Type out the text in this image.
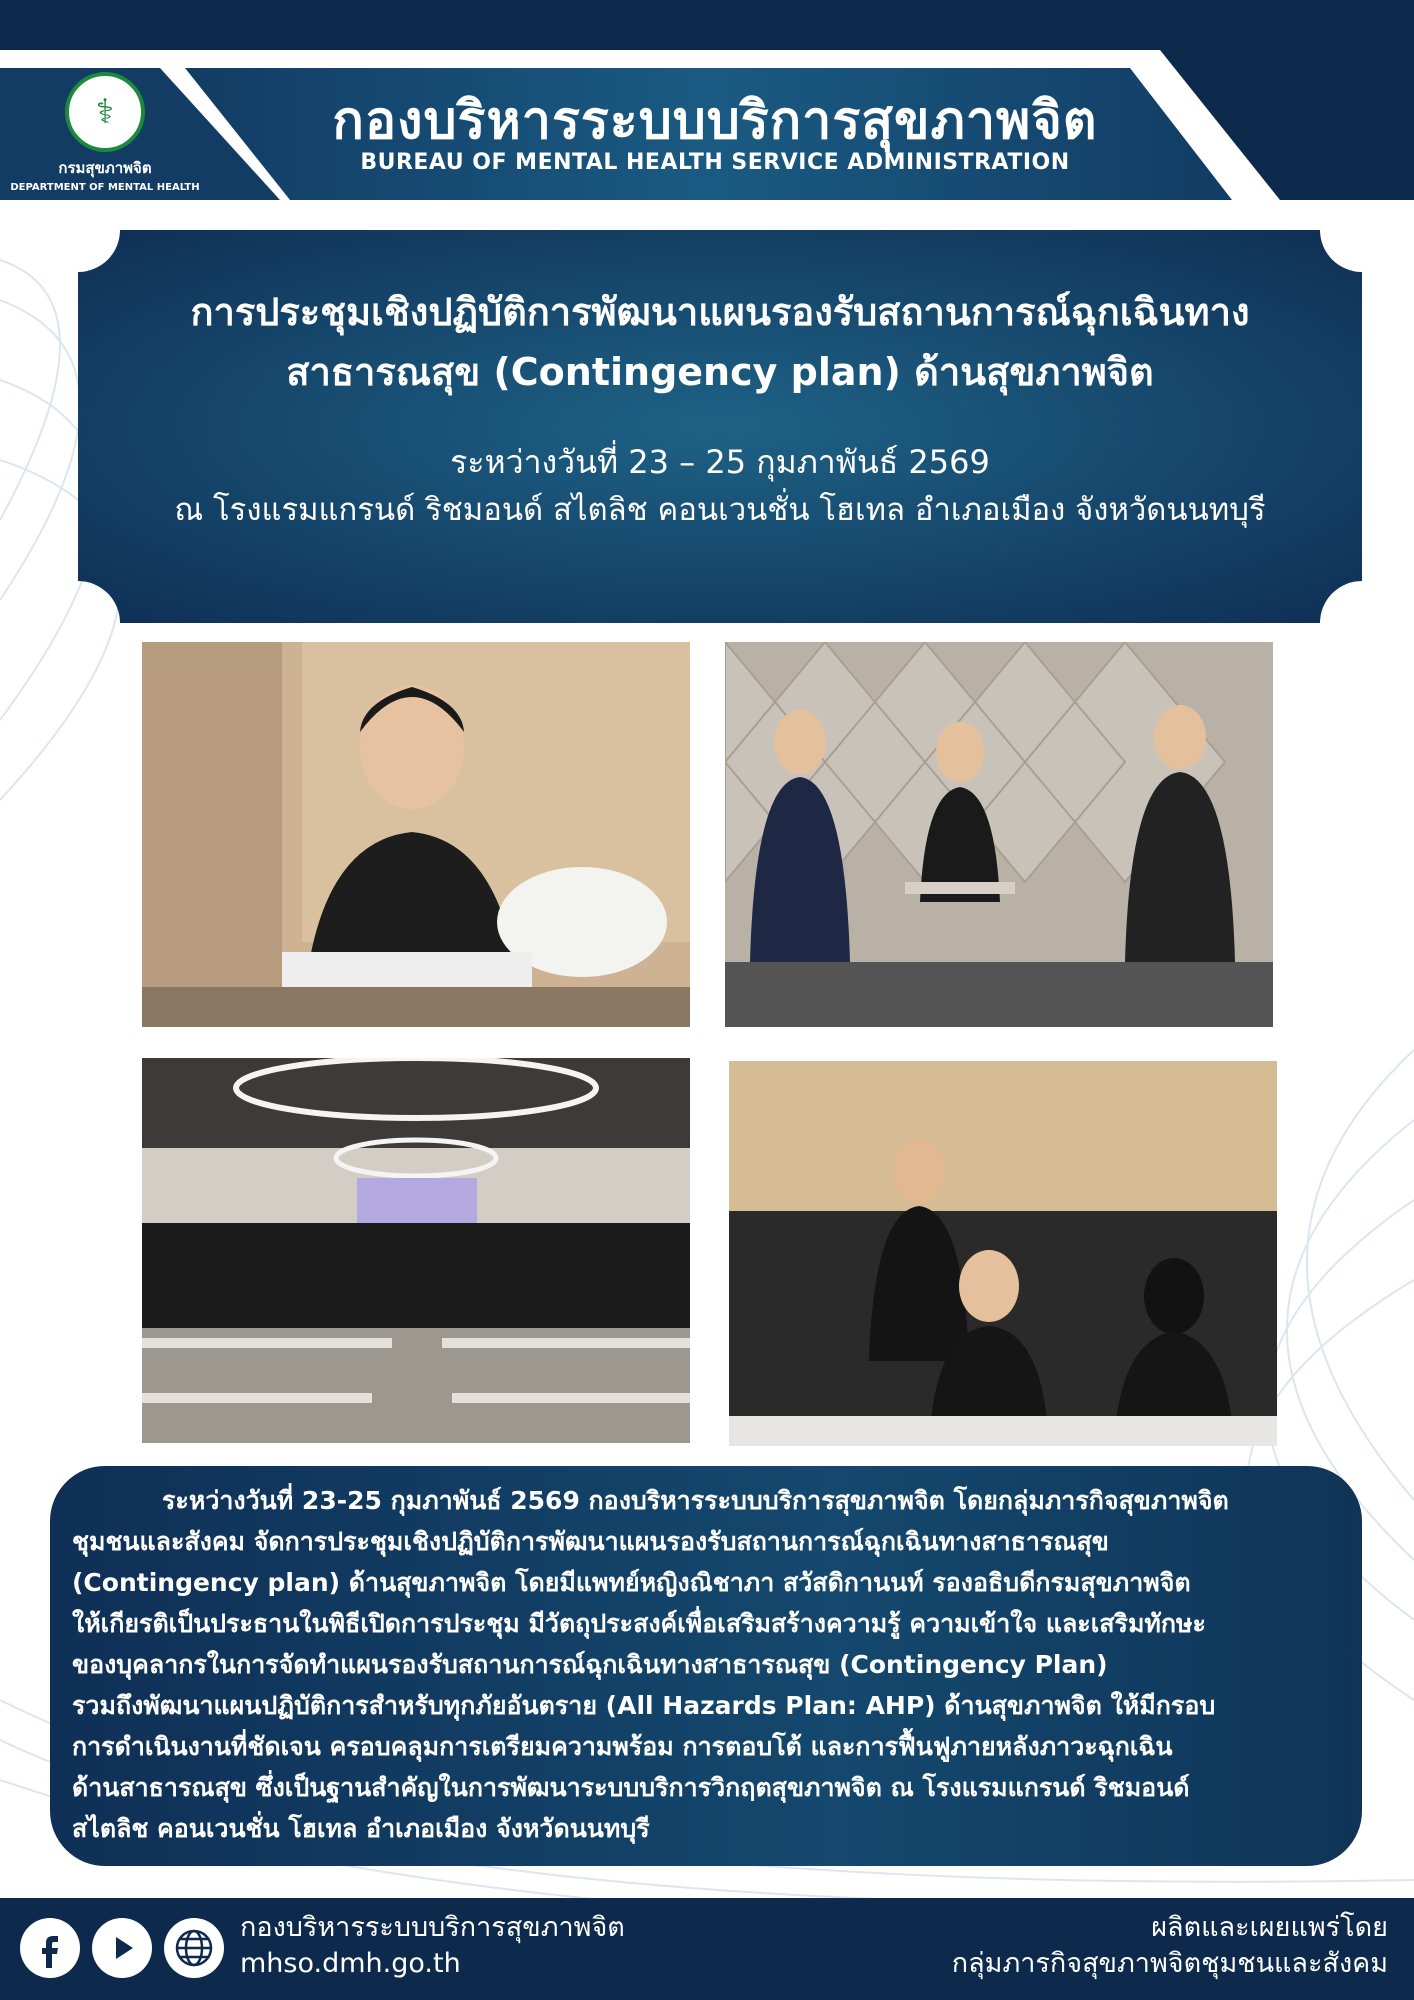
⚕
กรมสุขภาพจิต
DEPARTMENT OF MENTAL HEALTH
กองบริหารระบบบริการสุขภาพจิต
BUREAU OF MENTAL HEALTH SERVICE ADMINISTRATION
การประชุมเชิงปฏิบัติการพัฒนาแผนรองรับสถานการณ์ฉุกเฉินทาง
สาธารณสุข (Contingency plan) ด้านสุขภาพจิต
ระหว่างวันที่ 23 – 25 กุมภาพันธ์ 2569
ณ โรงแรมแกรนด์ ริชมอนด์ สไตลิช คอนเวนชั่น โฮเทล อำเภอเมือง จังหวัดนนทบุรี
ระหว่างวันที่ 23-25 กุมภาพันธ์ 2569 กองบริหารระบบบริการสุขภาพจิต โดยกลุ่มภารกิจสุขภาพจิต
ชุมชนและสังคม จัดการประชุมเชิงปฏิบัติการพัฒนาแผนรองรับสถานการณ์ฉุกเฉินทางสาธารณสุข
(Contingency plan) ด้านสุขภาพจิต โดยมีแพทย์หญิงณิชาภา สวัสดิกานนท์ รองอธิบดีกรมสุขภาพจิต
ให้เกียรติเป็นประธานในพิธีเปิดการประชุม มีวัตถุประสงค์เพื่อเสริมสร้างความรู้ ความเข้าใจ และเสริมทักษะ
ของบุคลากรในการจัดทำแผนรองรับสถานการณ์ฉุกเฉินทางสาธารณสุข (Contingency Plan)
รวมถึงพัฒนาแผนปฏิบัติการสำหรับทุกภัยอันตราย (All Hazards Plan: AHP) ด้านสุขภาพจิต ให้มีกรอบ
การดำเนินงานที่ชัดเจน ครอบคลุมการเตรียมความพร้อม การตอบโต้ และการฟื้นฟูภายหลังภาวะฉุกเฉิน
ด้านสาธารณสุข ซึ่งเป็นฐานสำคัญในการพัฒนาระบบบริการวิกฤตสุขภาพจิต ณ โรงแรมแกรนด์ ริชมอนด์
สไตลิช คอนเวนชั่น โฮเทล อำเภอเมือง จังหวัดนนทบุรี
กองบริหารระบบบริการสุขภาพจิต
mhso.dmh.go.th
ผลิตและเผยแพร่โดย
กลุ่มภารกิจสุขภาพจิตชุมชนและสังคม
